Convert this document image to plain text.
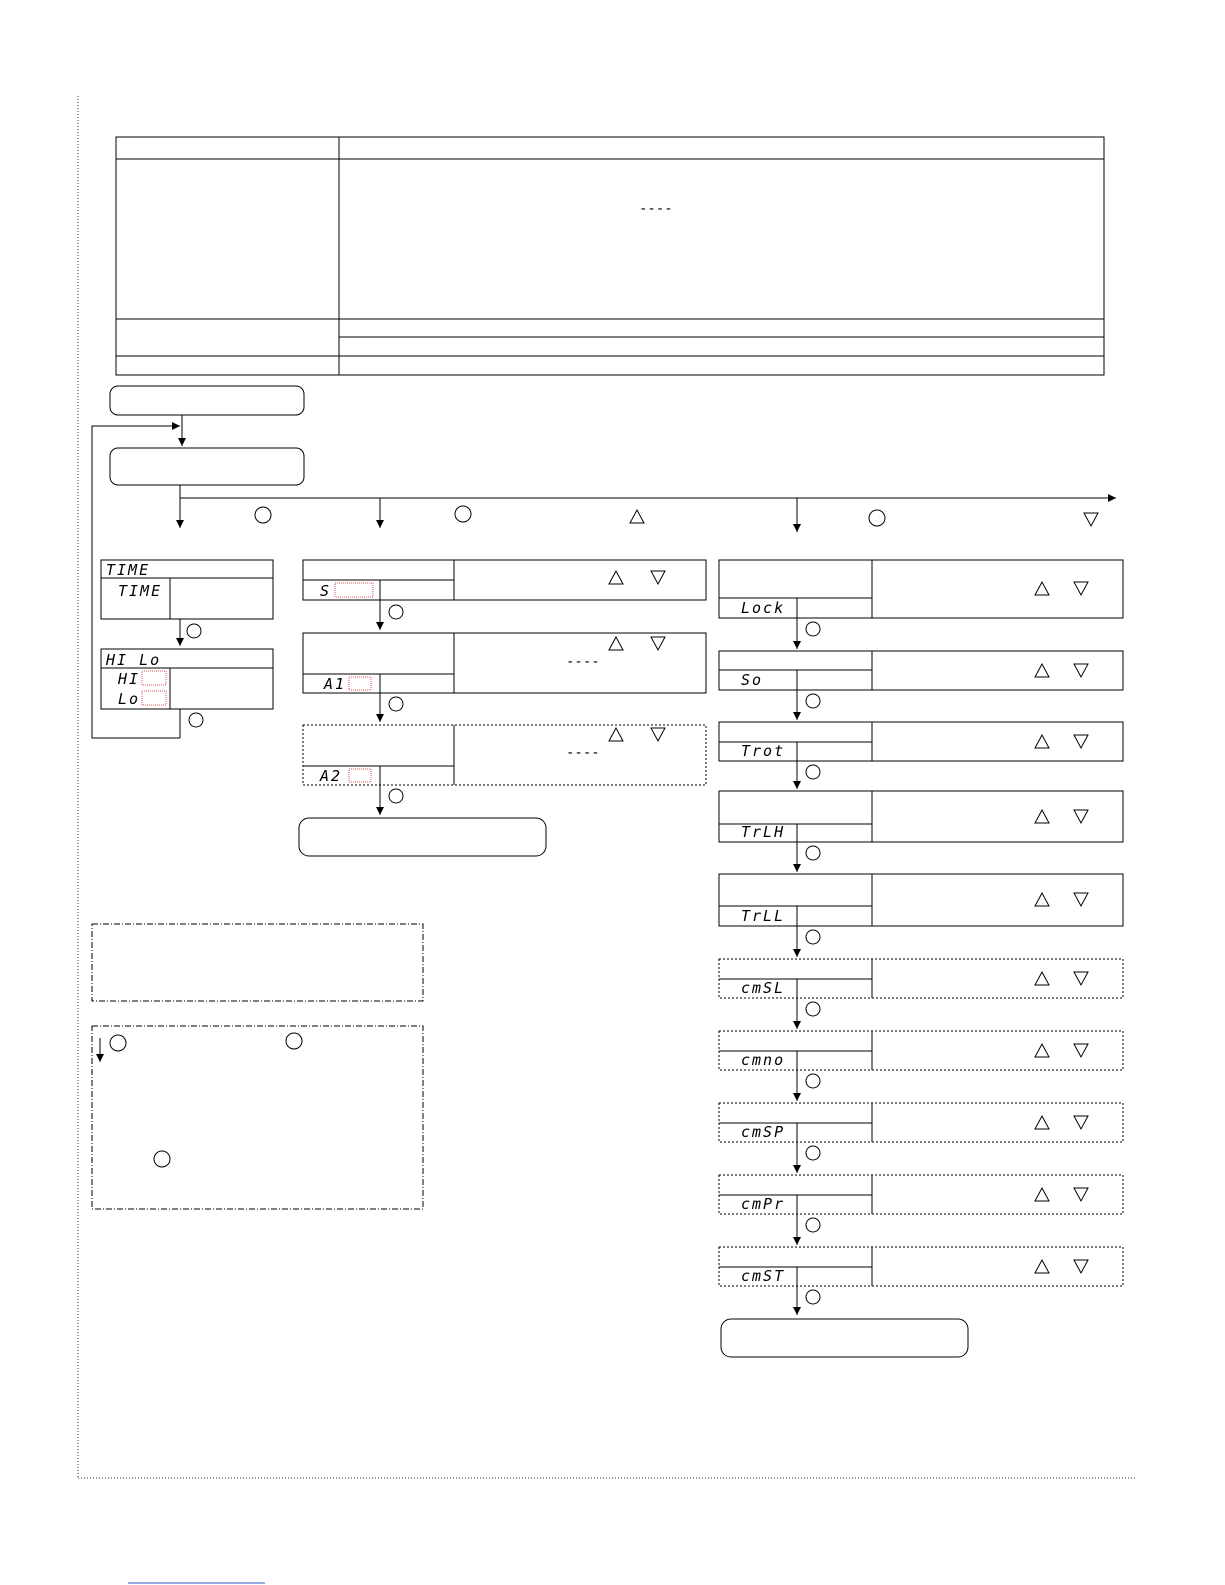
----
TIME
TIME
HI Lo
HI
Lo
S
A1
----
A2
----
Lock
So
Trot
TrLH
TrLL
cmSL
cmno
cmSP
cmPr
cmST
